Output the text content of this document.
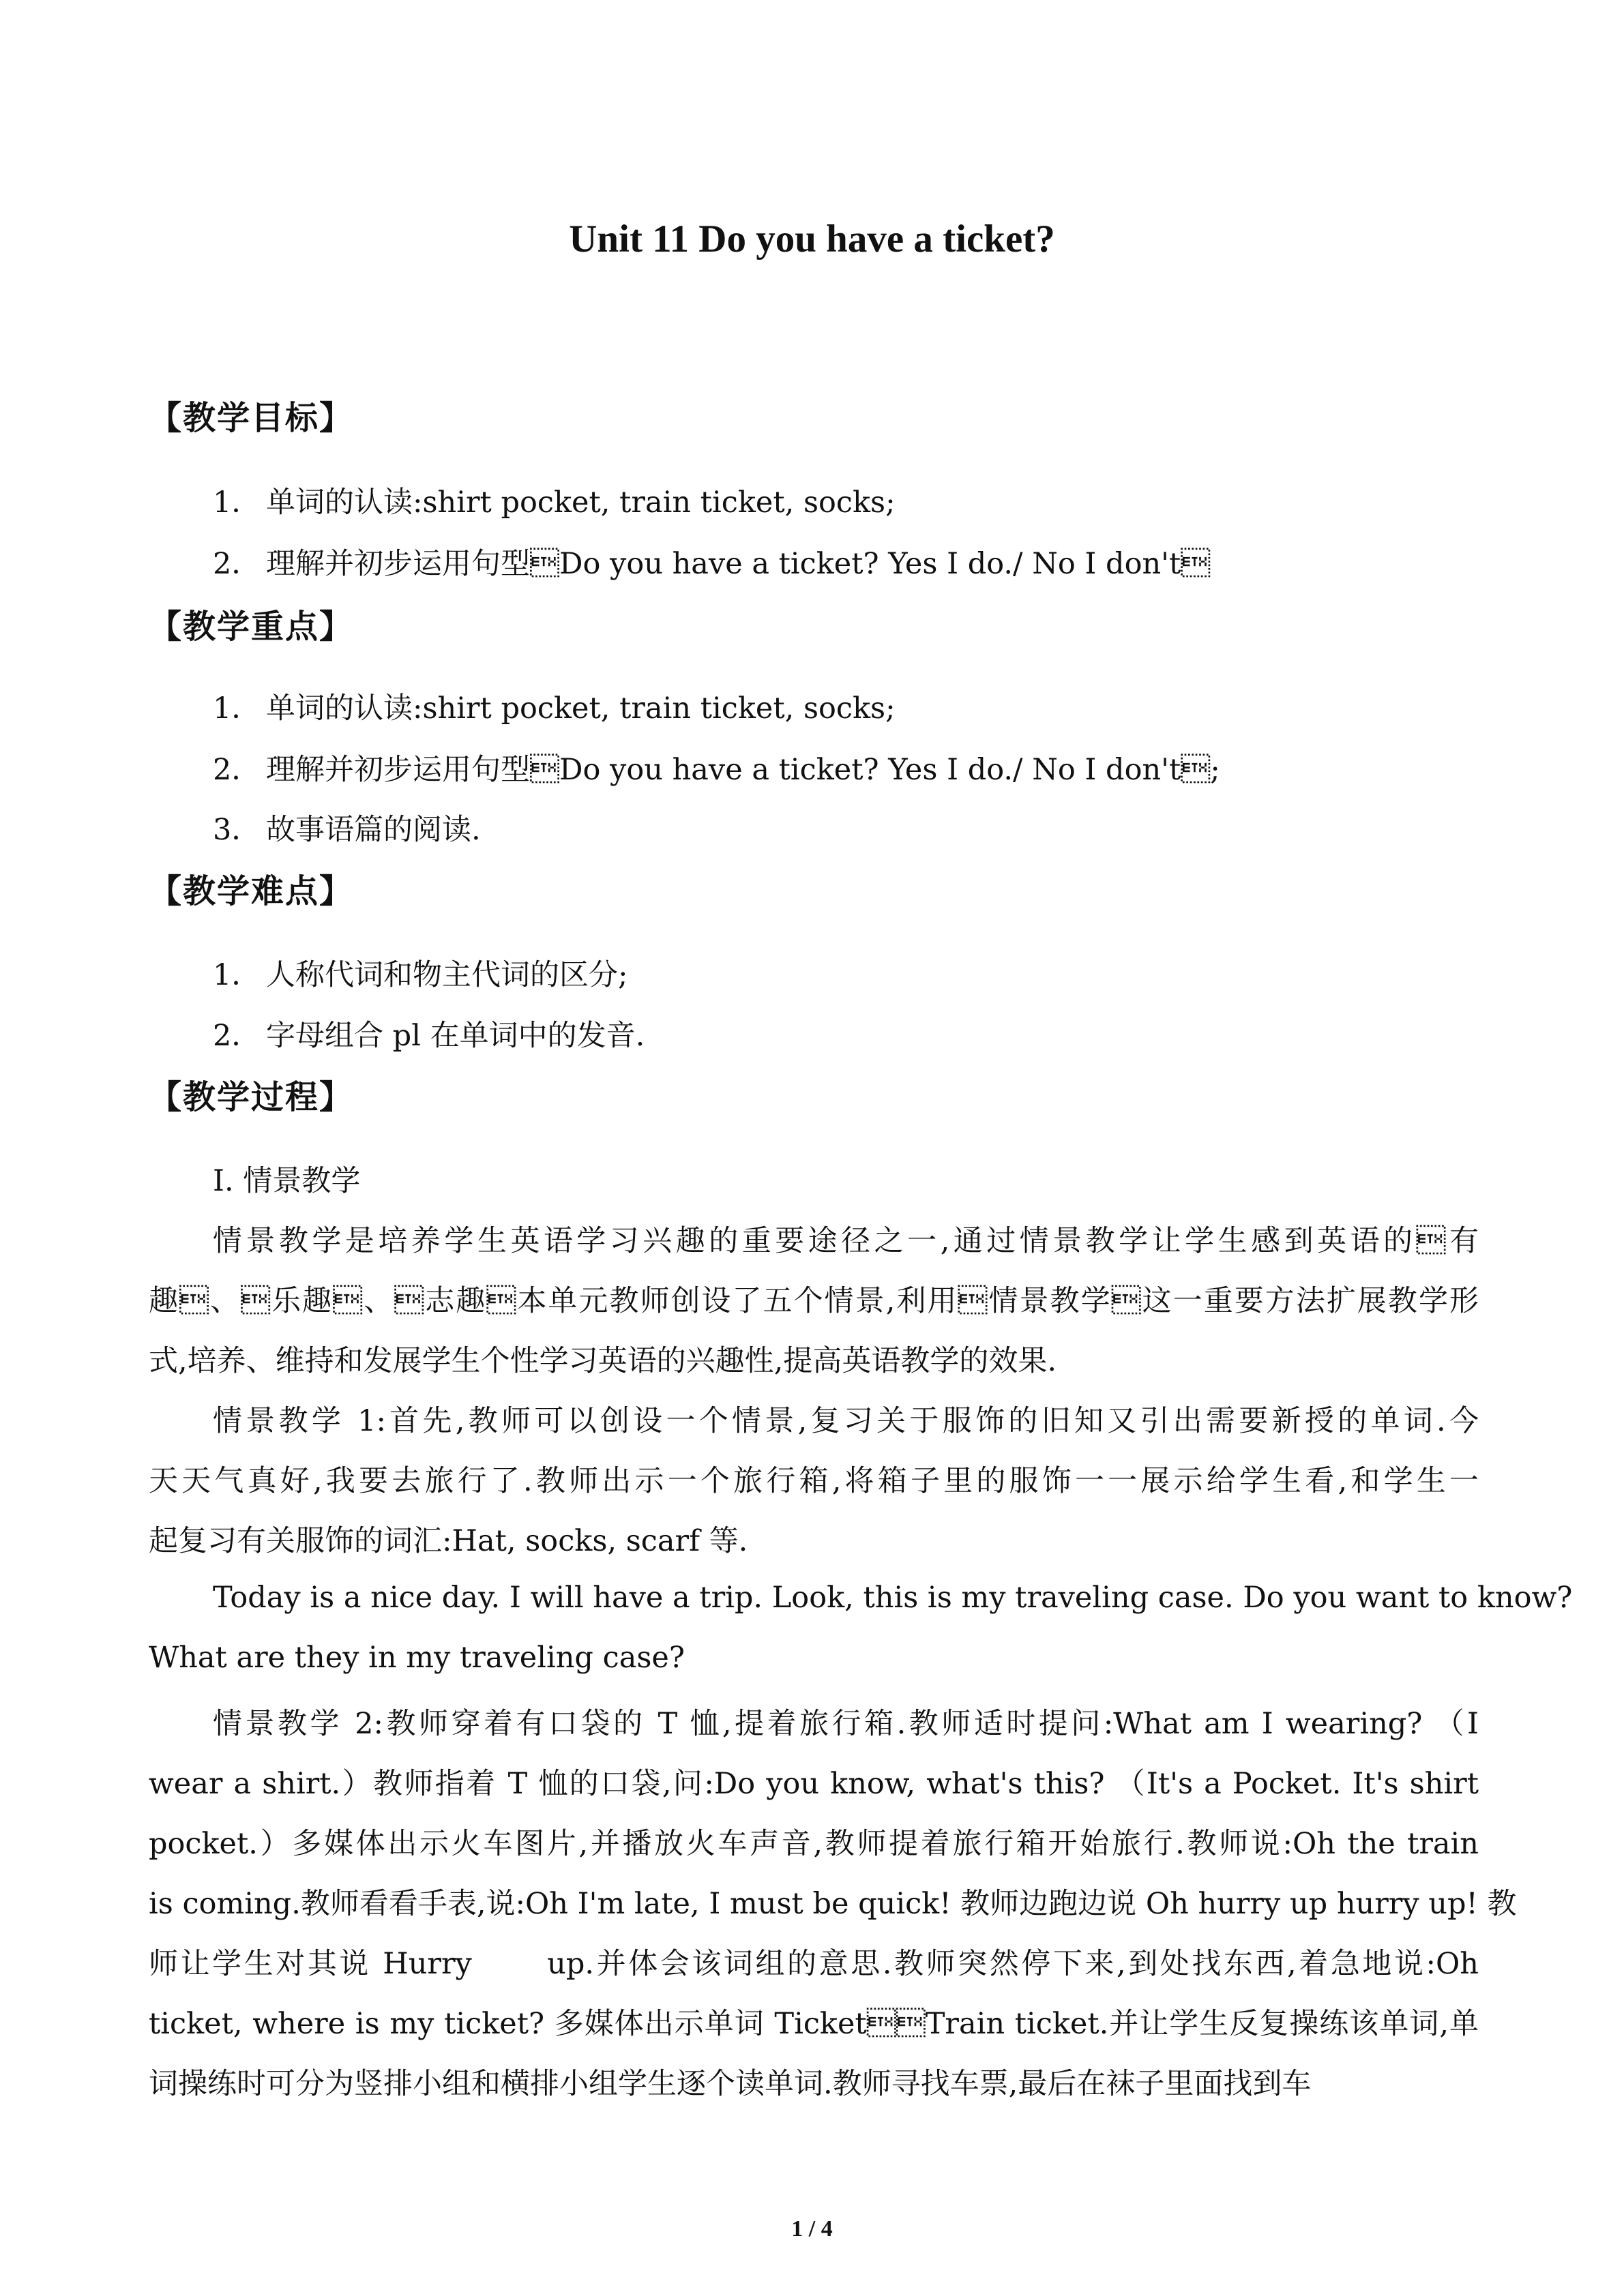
Unit 11 Do you have a ticket?
【教学目标】
1． 单词的认读:shirt pocket, train ticket, socks;
2． 理解并初步运用句型Do you have a ticket? Yes I do./ No I don't
【教学重点】
1． 单词的认读:shirt pocket, train ticket, socks;
2． 理解并初步运用句型Do you have a ticket? Yes I do./ No I don't;
3． 故事语篇的阅读.
【教学难点】
1． 人称代词和物主代词的区分;
2． 字母组合 pl 在单词中的发音.
【教学过程】
I. 情景教学
情景教学是培养学生英语学习兴趣的重要途径之一,通过情景教学让学生感到英语的有
趣、乐趣、志趣本单元教师创设了五个情景,利用情景教学这一重要方法扩展教学形
式,培养、维持和发展学生个性学习英语的兴趣性,提高英语教学的效果.
情景教学 1:首先,教师可以创设一个情景,复习关于服饰的旧知又引出需要新授的单词.今
天天气真好,我要去旅行了.教师出示一个旅行箱,将箱子里的服饰一一展示给学生看,和学生一
起复习有关服饰的词汇:Hat, socks, scarf 等.
Today is a nice day. I will have a trip. Look, this is my traveling case. Do you want to know?
What are they in my traveling case?
情景教学 2:教师穿着有口袋的 T 恤,提着旅行箱.教师适时提问:What am I wearing? （I
wear a shirt.）教师指着 T 恤的口袋,问:Do you know, what's this? （It's a Pocket. It's shirt
pocket.）多媒体出示火车图片,并播放火车声音,教师提着旅行箱开始旅行.教师说:Oh the train
is coming.教师看看手表,说:Oh I'm late, I must be quick! 教师边跑边说 Oh hurry up hurry up! 教
师让学生对其说 Hurry 　　up.并体会该词组的意思.教师突然停下来,到处找东西,着急地说:Oh
ticket, where is my ticket? 多媒体出示单词 TicketTrain ticket.并让学生反复操练该单词,单
词操练时可分为竖排小组和横排小组学生逐个读单词.教师寻找车票,最后在袜子里面找到车
1 / 4
